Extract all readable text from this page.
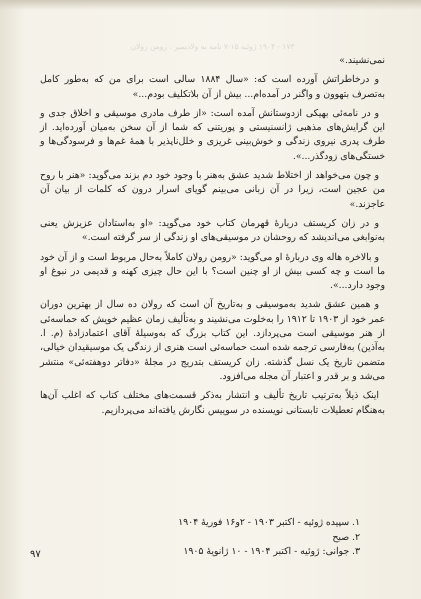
۱۷۳ - ۱۹۰۴ ژوئیه ۱۵-۷ نامه به ولادیمیر ، رومن رولان

نمی‌نشیند.»

و درخاطراتش آورده است که: «سال ۱۸۸۴ سالی است برای من که به‌طور کامل به‌تصرف بتهوون و واگنر در آمده‌ام... بیش از آن بلاتکلیف بودم...»

و در نامه‌ئی بهیکی ازدوستانش آمده است: «از طرف مادری موسیقی و اخلاق جدی و این گرایش‌های مذهبی ژانسنیستی و پوریتنی که شما از آن سخن به‌میان آورده‌اید. از طرف پدری نیروی زندگی و خوش‌بینی غریزی و خلل‌ناپذیر با همهٔ غم‌ها و فرسودگی‌ها و خستگی‌های زودگذر...».

و چون می‌خواهد از اختلاط شدید عشق به‌هنر با وجود خود دم بزند می‌گوید: «هنر با روح من عجین است، زیرا در آن زبانی می‌بینم گویای اسرار درون که کلمات از بیان آن عاجزند.»

و در زان کریستف دربارهٔ قهرمان کتاب خود می‌گوید: «او به‌استادان عزیزش یعنی به‌نوابغی می‌اندیشد که روحشان در موسیقی‌های او زندگی از سر گرفته است.»

و بالاخره هاله وی دربارهٔ او می‌گوید: «رومن رولان کاملاً به‌حال مربوط است و از آن خود ما است و چه کسی بیش از او چنین است؟ با این حال چیزی کهنه و قدیمی در نبوغ او وجود دارد...».

و همین عشق شدید به‌موسیقی و به‌تاریخ آن است که رولان ده سال از بهترین دوران عمر خود از ۱۹۰۳ تا ۱۹۱۲ را به‌خلوت می‌نشیند و به‌تألیف زمان عظیم خویش که حماسه‌ئی از هنر موسیقی است می‌پردازد. این کتاب بزرگ که به‌وسیلهٔ آقای اعتمادزادهٔ (م. ا. به‌آذین) به‌فارسی ترجمه شده است حماسه‌ئی است هنری از زندگی یک موسیقیدان خیالی، متضمن تاریخ یک نسل گذشته. زان کریستف بتدریج در مجلهٔ «دفاتر دوهفته‌ئی» منتشر می‌شد و بر قدر و اعتبار آن مجله می‌افزود.

اینک ذیلاً به‌ترتیب تاریخ تألیف و انتشار به‌ذکر قسمت‌های مختلف کتاب که اغلب آن‌ها به‌هنگام تعطیلات تابستانی نویسنده در سوییس نگارش یافته‌اند می‌پردازیم.

۱. سپیده ژوئیه - اکتبر ۱۹۰۳ - ۲و۱۶ فوریهٔ ۱۹۰۴
۲. صبح
۳. جوانی: ژوئیه - اکتبر ۱۹۰۴ - ۱۰ ژانویهٔ ۱۹۰۵
۹۷
